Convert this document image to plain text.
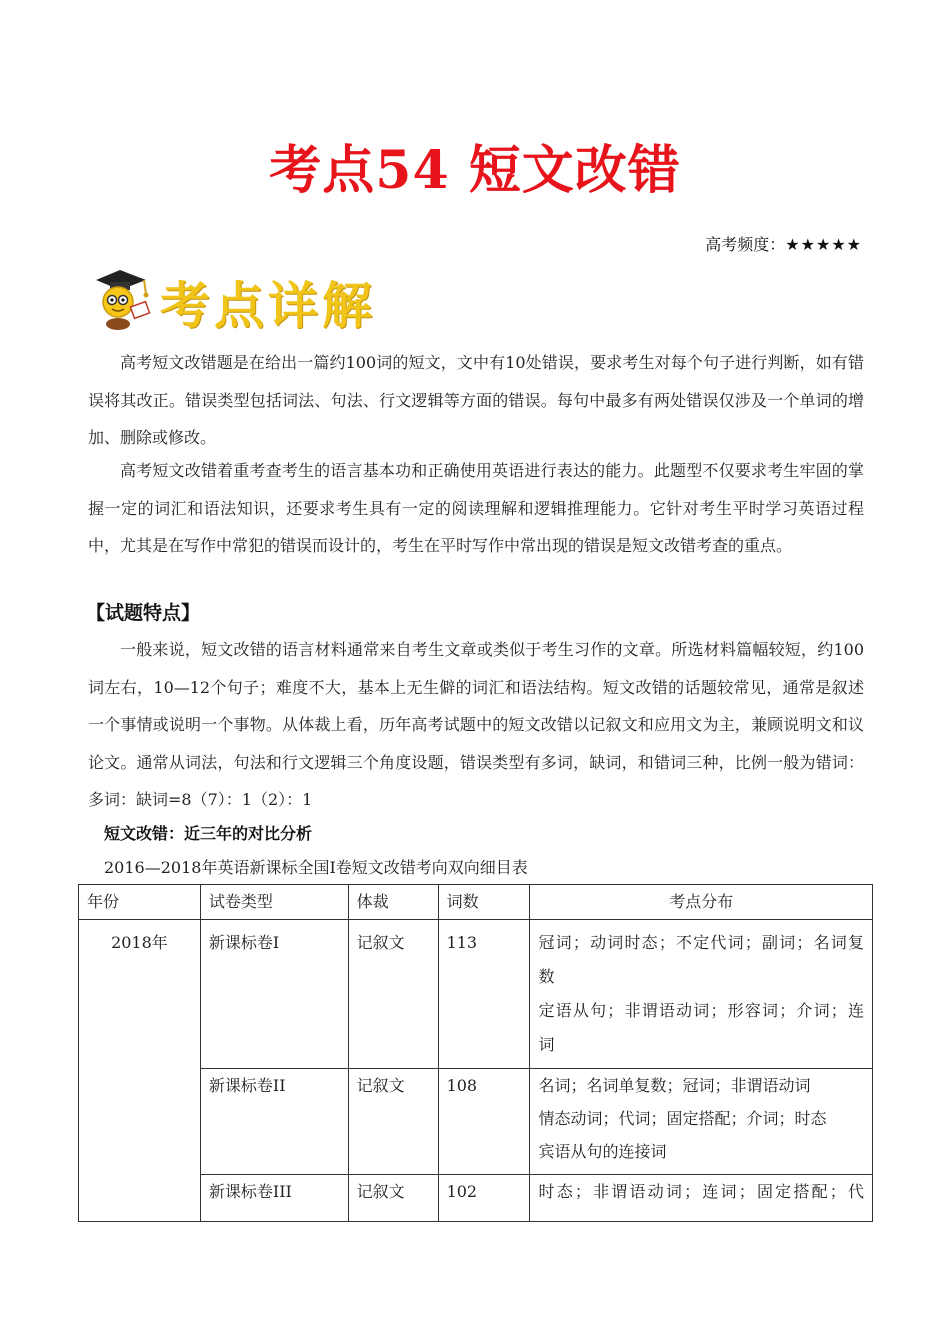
考点54 短文改错
高考频度：★★★★★
考点详解
高考短文改错题是在给出一篇约100词的短文，文中有10处错误，要求考生对每个句子进行判断，如有错误将其改正。错误类型包括词法、句法、行文逻辑等方面的错误。每句中最多有两处错误仅涉及一个单词的增加、删除或修改。
高考短文改错着重考查考生的语言基本功和正确使用英语进行表达的能力。此题型不仅要求考生牢固的掌握一定的词汇和语法知识，还要求考生具有一定的阅读理解和逻辑推理能力。它针对考生平时学习英语过程中，尤其是在写作中常犯的错误而设计的，考生在平时写作中常出现的错误是短文改错考查的重点。
【试题特点】
一般来说，短文改错的语言材料通常来自考生文章或类似于考生习作的文章。所选材料篇幅较短，约100词左右，10—12个句子；难度不大，基本上无生僻的词汇和语法结构。短文改错的话题较常见，通常是叙述一个事情或说明一个事物。从体裁上看，历年高考试题中的短文改错以记叙文和应用文为主，兼顾说明文和议论文。通常从词法，句法和行文逻辑三个角度设题，错误类型有多词，缺词，和错词三种，比例一般为错词：多词：缺词=8（7）：1（2）：1
短文改错：近三年的对比分析
2016—2018年英语新课标全国I卷短文改错考向双向细目表
年份	试卷类型	体裁	词数	考点分布
2018年	新课标卷I	记叙文	113	冠词；动词时态；不定代词；副词；名词复
数
定语从句；非谓语动词；形容词；介词；连
词

	新课标卷II	记叙文	108	名词；名词单复数；冠词；非谓语动词
情态动词；代词；固定搭配；介词；时态
宾语从句的连接词

	新课标卷III	记叙文	102	时态；非谓语动词；连词；固定搭配；代
